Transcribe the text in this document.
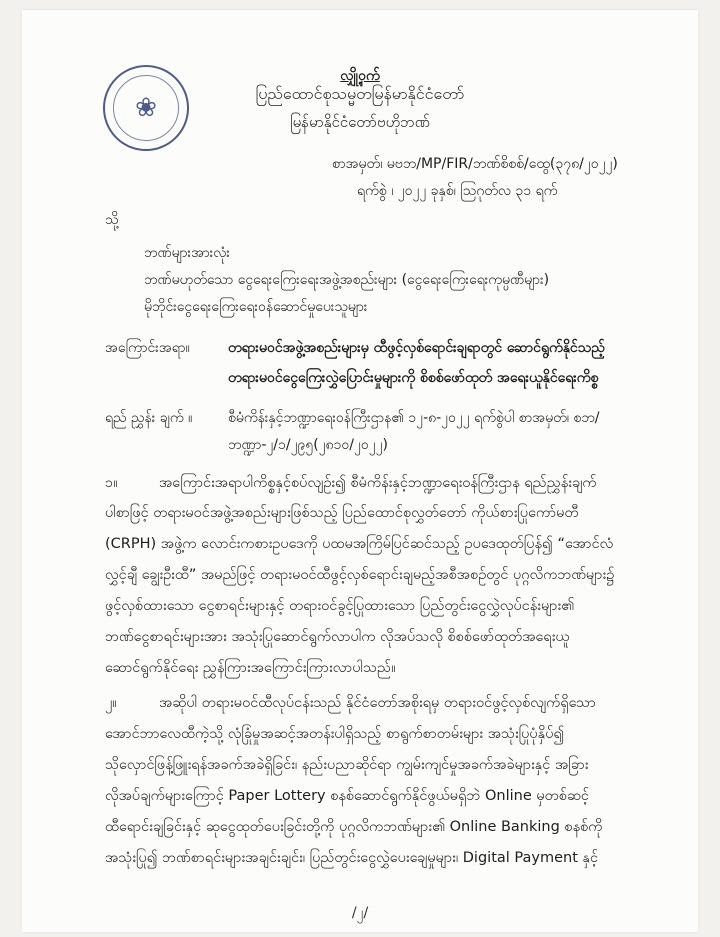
❀
လျှို့ဝှက်
ပြည်ထောင်စုသမ္မတမြန်မာနိုင်ငံတော်
မြန်မာနိုင်ငံတော်ဗဟိုဘဏ်
စာအမှတ်၊ မဗဘ/MP/FIR/ဘဏ်စိစစ်/ထွေ(၃၇၈/၂၀၂၂)
ရက်စွဲ ၊ ၂၀၂၂ ခုနှစ်၊ ဩဂုတ်လ ၃၁ ရက်
သို့
ဘဏ်များအားလုံး
ဘဏ်မဟုတ်သော ငွေရေးကြေးရေးအဖွဲ့အစည်းများ (ငွေရေးကြေးရေးကုမ္ပဏီများ)
မိုဘိုင်းငွေရေးကြေးရေးဝန်ဆောင်မှုပေးသူများ
အကြောင်းအရာ။	တရားမဝင်အဖွဲ့အစည်းများမှ ထီဖွင့်လှစ်ရောင်းချရာတွင် ဆောင်ရွက်နိုင်သည့်
တရားမဝင်ငွေကြေးလွှဲပြောင်းမှုများကို စိစစ်ဖော်ထုတ် အရေးယူနိုင်ရေးကိစ္စ
ရည် ညွှန်း ချက် ။	စီမံကိန်းနှင့်ဘဏ္ဍာရေးဝန်ကြီးဌာန၏ ၁၂-၈-၂၀၂၂ ရက်စွဲပါ စာအမှတ်၊ စဘ/
ဘဏ္ဍာ-၂/၁/၂၉၅(၂၈၁၀/၂၀၂၂)
၁။	အကြောင်းအရာပါကိစ္စနှင့်စပ်လျဉ်း၍ စီမံကိန်းနှင့်ဘဏ္ဍာရေးဝန်ကြီးဌာန ရည်ညွှန်းချက်
ပါစာဖြင့် တရားမဝင်အဖွဲ့အစည်းများဖြစ်သည့် ပြည်ထောင်စုလွှတ်တော် ကိုယ်စားပြုကော်မတီ
(CRPH) အဖွဲ့က လောင်းကစားဥပဒေကို ပထမအကြိမ်ပြင်ဆင်သည့် ဥပဒေထုတ်ပြန်၍ “အောင်လံ
လွှင့်ချီ ချွေးဦးထီ” အမည်ဖြင့် တရားမဝင်ထီဖွင့်လှစ်ရောင်းချမည့်အစီအစဉ်တွင် ပုဂ္ဂလိကဘဏ်များ၌
ဖွင့်လှစ်ထားသော ငွေစာရင်းများနှင့် တရားဝင်ခွင့်ပြုထားသော ပြည်တွင်းငွေလွှဲလုပ်ငန်းများ၏
ဘဏ်ငွေစာရင်းများအား အသုံးပြုဆောင်ရွက်လာပါက လိုအပ်သလို စိစစ်ဖော်ထုတ်အရေးယူ
ဆောင်ရွက်နိုင်ရေး ညွှန်ကြားအကြောင်းကြားလာပါသည်။
၂။	အဆိုပါ တရားမဝင်ထီလုပ်ငန်းသည် နိုင်ငံတော်အစိုးရမှ တရားဝင်ဖွင့်လှစ်လျက်ရှိသော
အောင်ဘာလေထီကဲ့သို့ လုံခြုံမှုအဆင့်အတန်းပါရှိသည့် စာရွက်စာတမ်းများ အသုံးပြုပုံနှိပ်၍
သိုလှောင်ဖြန့်ဖြူးရန်အခက်အခဲရှိခြင်း၊ နည်းပညာဆိုင်ရာ ကျွမ်းကျင်မှုအခက်အခဲများနှင့် အခြား
လိုအပ်ချက်များကြောင့် Paper Lottery စနစ်ဆောင်ရွက်နိုင်ဖွယ်မရှိဘဲ Online မှတစ်ဆင့်
ထီရောင်းချခြင်းနှင့် ဆုငွေထုတ်ပေးခြင်းတို့ကို ပုဂ္ဂလိကဘဏ်များ၏ Online Banking စနစ်ကို
အသုံးပြု၍ ဘဏ်စာရင်းများအချင်းချင်း၊ ပြည်တွင်းငွေလွှဲပေးချေမှုများ၊ Digital Payment နှင့်
/၂/
